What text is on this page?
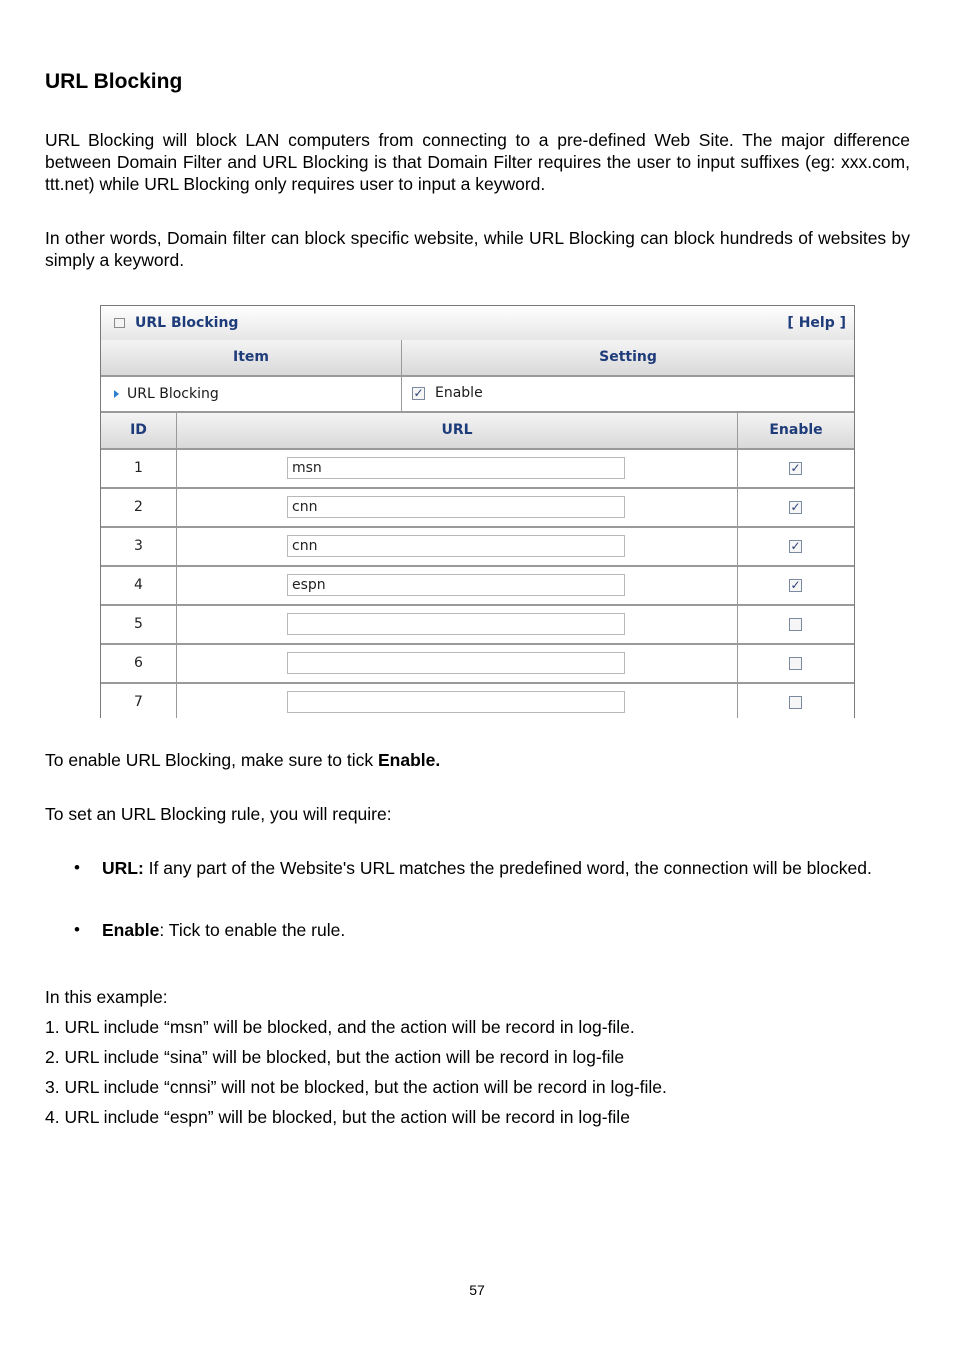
URL Blocking

URL Blocking will block LAN computers from connecting to a pre-defined Web Site. The major difference between Domain Filter and URL Blocking is that Domain Filter requires the user to input suffixes (eg: xxx.com, ttt.net) while URL Blocking only requires user to input a keyword.

In other words, Domain filter can block specific website, while URL Blocking can block hundreds of websites by simply a keyword.

URL Blocking	[ Help ]
Item	Setting
URL Blocking	✓ Enable
ID	URL	Enable
1	msn	✓
2	cnn	✓
3	cnn	✓
4	espn	✓
5
6
7
To enable URL Blocking, make sure to tick Enable.
To set an URL Blocking rule, you will require:
• URL: If any part of the Website's URL matches the predefined word, the connection will be blocked.

• Enable: Tick to enable the rule.

In this example:
1. URL include “msn” will be blocked, and the action will be record in log-file.
2. URL include “sina” will be blocked, but the action will be record in log-file
3. URL include “cnnsi” will not be blocked, but the action will be record in log-file.
4. URL include “espn” will be blocked, but the action will be record in log-file
57
